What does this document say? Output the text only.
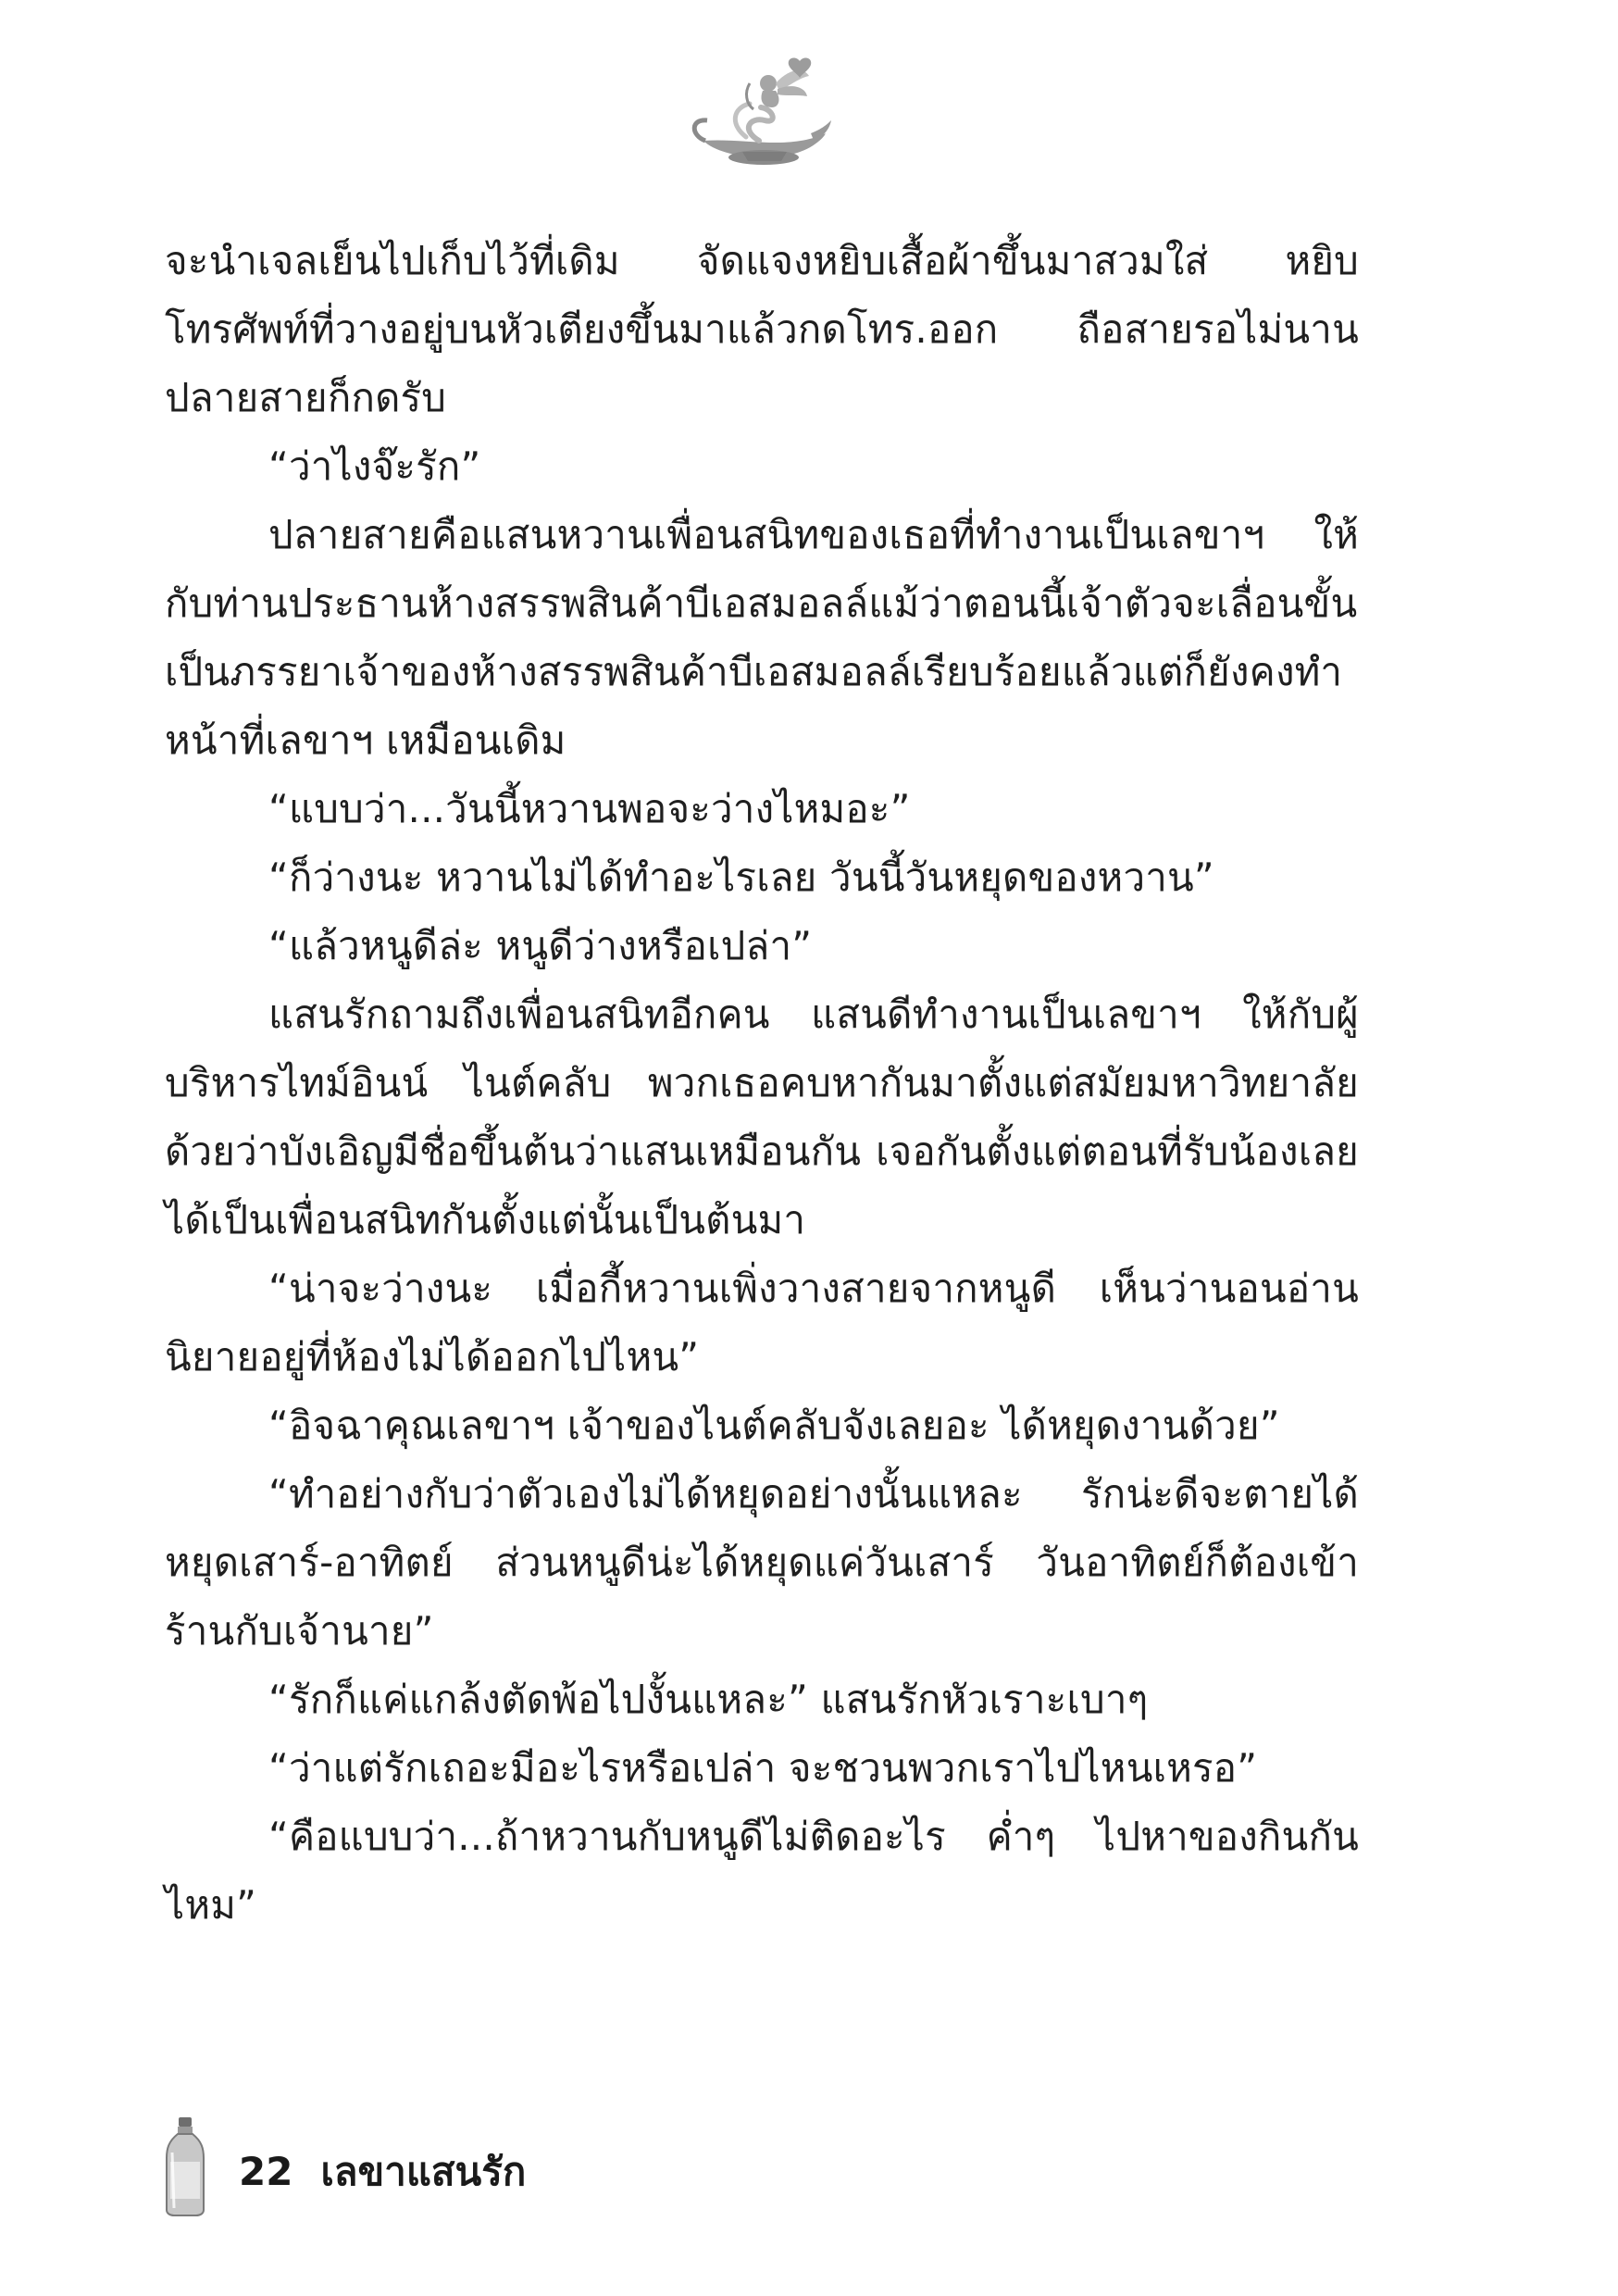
จะนำเจลเย็นไปเก็บไว้ที่เดิม จัดแจงหยิบเสื้อผ้าขึ้นมาสวมใส่ หยิบโทรศัพท์ที่วางอยู่บนหัวเตียงขึ้นมาแล้วกดโทร.ออก ถือสายรอไม่นานปลายสายก็กดรับ

“ว่าไงจ๊ะรัก”

ปลายสายคือแสนหวานเพื่อนสนิทของเธอที่ทำงานเป็นเลขาฯ ให้กับท่านประธานห้างสรรพสินค้าบีเอสมอลล์แม้ว่าตอนนี้เจ้าตัวจะเลื่อนขั้นเป็นภรรยาเจ้าของห้างสรรพสินค้าบีเอสมอลล์เรียบร้อยแล้วแต่ก็ยังคงทำหน้าที่เลขาฯ เหมือนเดิม

“แบบว่า...วันนี้หวานพอจะว่างไหมอะ”

“ก็ว่างนะ หวานไม่ได้ทำอะไรเลย วันนี้วันหยุดของหวาน”

“แล้วหนูดีล่ะ หนูดีว่างหรือเปล่า”

แสนรักถามถึงเพื่อนสนิทอีกคน แสนดีทำงานเป็นเลขาฯ ให้กับผู้บริหารไทม์อินน์ ไนต์คลับ พวกเธอคบหากันมาตั้งแต่สมัยมหาวิทยาลัยด้วยว่าบังเอิญมีชื่อขึ้นต้นว่าแสนเหมือนกัน เจอกันตั้งแต่ตอนที่รับน้องเลยได้เป็นเพื่อนสนิทกันตั้งแต่นั้นเป็นต้นมา

“น่าจะว่างนะ เมื่อกี้หวานเพิ่งวางสายจากหนูดี เห็นว่านอนอ่านนิยายอยู่ที่ห้องไม่ได้ออกไปไหน”

“อิจฉาคุณเลขาฯ เจ้าของไนต์คลับจังเลยอะ ได้หยุดงานด้วย”

“ทำอย่างกับว่าตัวเองไม่ได้หยุดอย่างนั้นแหละ รักน่ะดีจะตายได้หยุดเสาร์-อาทิตย์ ส่วนหนูดีน่ะได้หยุดแค่วันเสาร์ วันอาทิตย์ก็ต้องเข้าร้านกับเจ้านาย”

“รักก็แค่แกล้งตัดพ้อไปงั้นแหละ” แสนรักหัวเราะเบาๆ

“ว่าแต่รักเถอะมีอะไรหรือเปล่า จะชวนพวกเราไปไหนเหรอ”

“คือแบบว่า...ถ้าหวานกับหนูดีไม่ติดอะไร ค่ำๆ ไปหาของกินกันไหม”

22 เลขาแสนรัก
